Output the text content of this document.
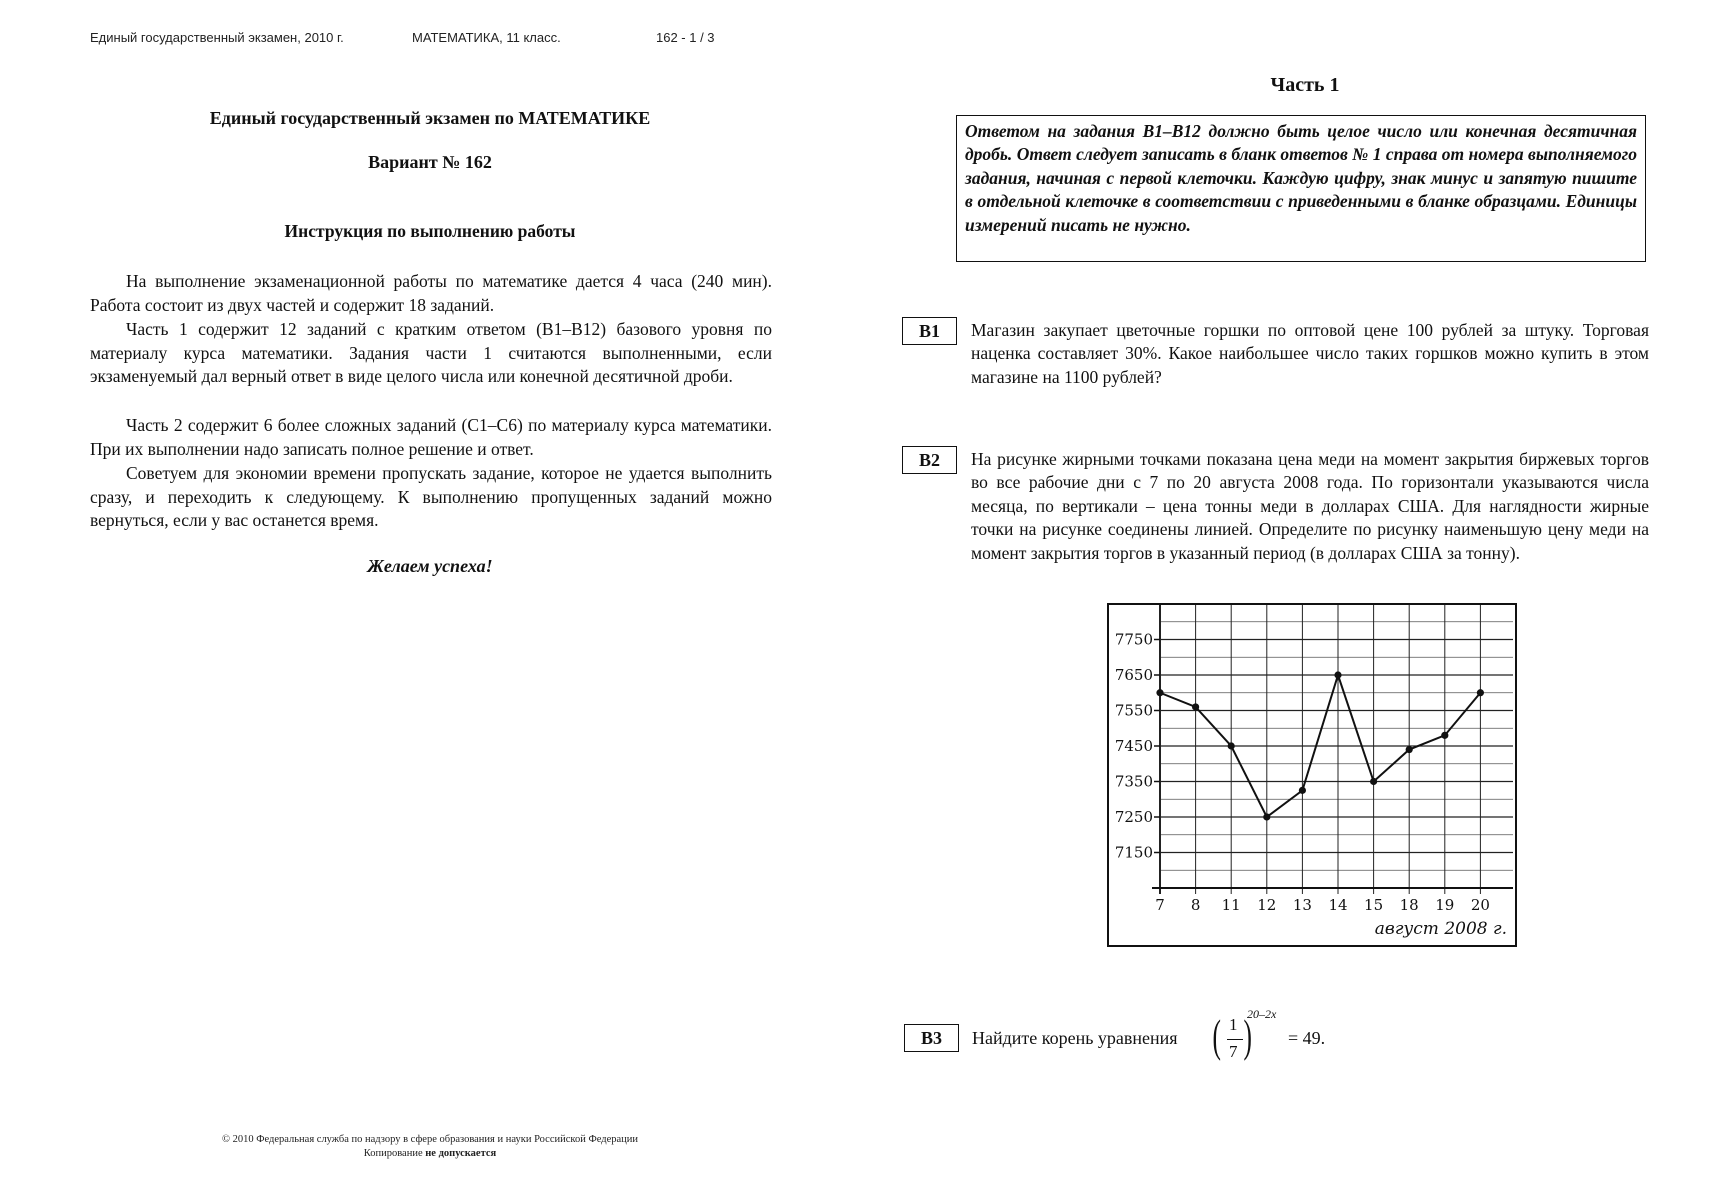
Единый государственный экзамен, 2010 г.	МАТЕМАТИКА, 11 класс.	162 - 1 / 3
Единый государственный экзамен по МАТЕМАТИКЕ
Вариант № 162
Инструкция по выполнению работы

На выполнение экзаменационной работы по математике дается 4 часа (240 мин). Работа состоит из двух частей и содержит 18 заданий.

Часть 1 содержит 12 заданий с кратким ответом (B1–B12) базового уровня по материалу курса математики. Задания части 1 считаются выполненными, если экзаменуемый дал верный ответ в виде целого числа или конечной десятичной дроби.

Часть 2 содержит 6 более сложных заданий (С1–С6) по материалу курса математики. При их выполнении надо записать полное решение и ответ.

Советуем для экономии времени пропускать задание, которое не удается выполнить сразу, и переходить к следующему. К выполнению пропущенных заданий можно вернуться, если у вас останется время.

Желаем успеха!
© 2010 Федеральная служба по надзору в сфере образования и науки Российской Федерации
Копирование не допускается
Часть 1
Ответом на задания B1–B12 должно быть целое число или конечная десятичная дробь. Ответ следует записать в бланк ответов № 1 справа от номера выполняемого задания, начиная с первой клеточки. Каждую цифру, знак минус и запятую пишите в отдельной клеточке в соответствии с приведенными в бланке образцами. Единицы измерений писать не нужно.
B1	Магазин закупает цветочные горшки по оптовой цене 100 рублей за штуку. Торговая наценка составляет 30%. Какое наибольшее число таких горшков можно купить в этом магазине на 1100 рублей?

B2	На рисунке жирными точками показана цена меди на момент закрытия биржевых торгов во все рабочие дни с 7 по 20 августа 2008 года. По горизонтали указываются числа месяца, по вертикали – цена тонны меди в долларах США. Для наглядности жирные точки на рисунке соединены линией. Определите по рисунку наименьшую цену меди на момент закрытия торгов в указанный период (в долларах США за тонну).

7750
7650
7550
7450
7350
7250
7150
7 8 11 12 13 14 15 18 19 20
август 2008 г.
B3	Найдите корень уравнения ( 1
7 )
20–2x
= 49.
